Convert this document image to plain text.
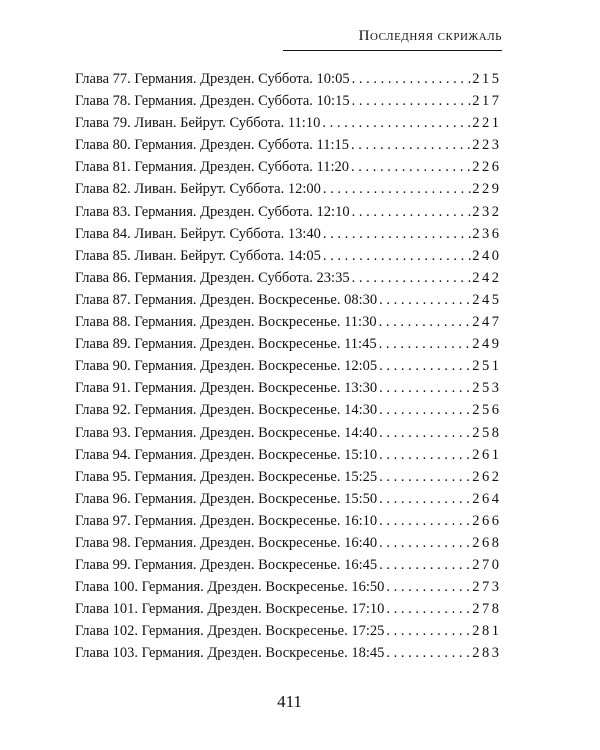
Последняя скрижаль
Глава 77. Германия. Дрезден. Суббота. 10:05 . . .	215
Глава 78. Германия. Дрезден. Суббота. 10:15 . . .	217
Глава 79. Ливан. Бейрут. Суббота. 11:10 . . .	221
Глава 80. Германия. Дрезден. Суббота. 11:15 . . .	223
Глава 81. Германия. Дрезден. Суббота. 11:20 . . .	226
Глава 82. Ливан. Бейрут. Суббота. 12:00 . . .	229
Глава 83. Германия. Дрезден. Суббота. 12:10 . . .	232
Глава 84. Ливан. Бейрут. Суббота. 13:40 . . .	236
Глава 85. Ливан. Бейрут. Суббота. 14:05 . . .	240
Глава 86. Германия. Дрезден. Суббота. 23:35 . . .	242
Глава 87. Германия. Дрезден. Воскресенье. 08:30 . . .	245
Глава 88. Германия. Дрезден. Воскресенье. 11:30 . . .	247
Глава 89. Германия. Дрезден. Воскресенье. 11:45 . . .	249
Глава 90. Германия. Дрезден. Воскресенье. 12:05 . . .	251
Глава 91. Германия. Дрезден. Воскресенье. 13:30 . . .	253
Глава 92. Германия. Дрезден. Воскресенье. 14:30 . . .	256
Глава 93. Германия. Дрезден. Воскресенье. 14:40 . . .	258
Глава 94. Германия. Дрезден. Воскресенье. 15:10 . . .	261
Глава 95. Германия. Дрезден. Воскресенье. 15:25 . . .	262
Глава 96. Германия. Дрезден. Воскресенье. 15:50 . . .	264
Глава 97. Германия. Дрезден. Воскресенье. 16:10 . . .	266
Глава 98. Германия. Дрезден. Воскресенье. 16:40 . . .	268
Глава 99. Германия. Дрезден. Воскресенье. 16:45 . . .	270
Глава 100. Германия. Дрезден. Воскресенье. 16:50 . . .	273
Глава 101. Германия. Дрезден. Воскресенье. 17:10 . . .	278
Глава 102. Германия. Дрезден. Воскресенье. 17:25 . . .	281
Глава 103. Германия. Дрезден. Воскресенье. 18:45 . . .	283
411
